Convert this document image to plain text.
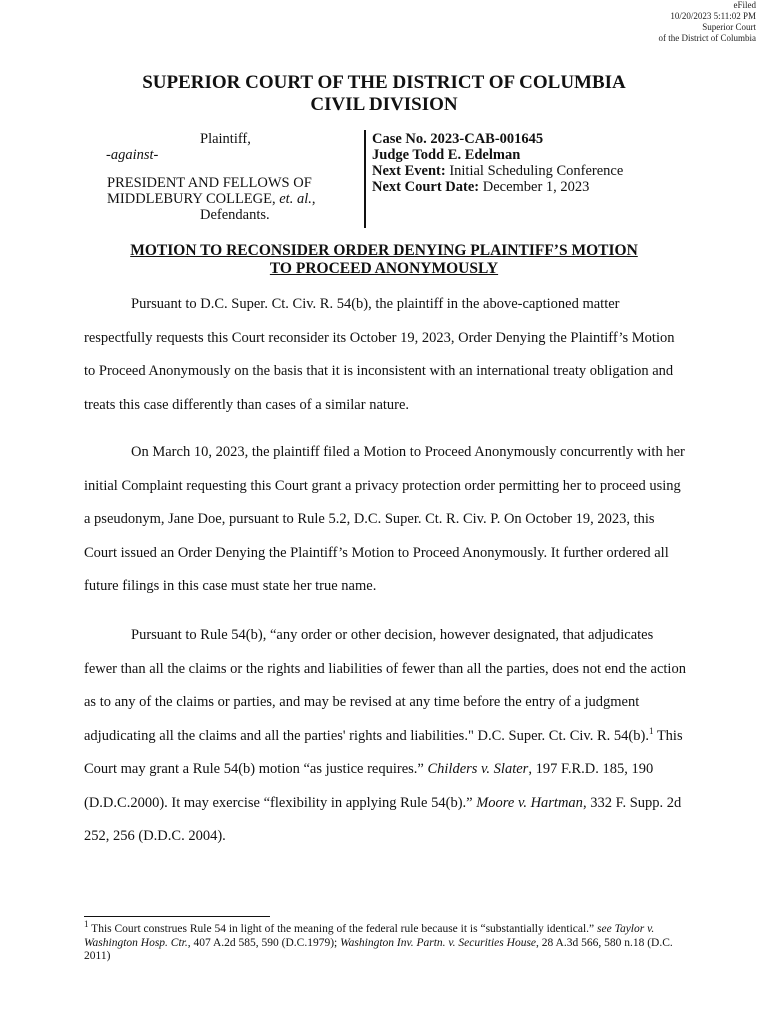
eFiled
10/20/2023 5:11:02 PM
Superior Court
of the District of Columbia
SUPERIOR COURT OF THE DISTRICT OF COLUMBIA
CIVIL DIVISION
Plaintiff,
-against-
PRESIDENT AND FELLOWS OF
MIDDLEBURY COLLEGE, et. al.,
Defendants.
Case No. 2023-CAB-001645
Judge Todd E. Edelman
Next Event: Initial Scheduling Conference
Next Court Date: December 1, 2023
MOTION TO RECONSIDER ORDER DENYING PLAINTIFF’S MOTION
TO PROCEED ANONYMOUSLY

Pursuant to D.C. Super. Ct. Civ. R. 54(b), the plaintiff in the above-captioned matter respectfully requests this Court reconsider its October 19, 2023, Order Denying the Plaintiff’s Motion to Proceed Anonymously on the basis that it is inconsistent with an international treaty obligation and treats this case differently than cases of a similar nature.

On March 10, 2023, the plaintiff filed a Motion to Proceed Anonymously concurrently with her initial Complaint requesting this Court grant a privacy protection order permitting her to proceed using a pseudonym, Jane Doe, pursuant to Rule 5.2, D.C. Super. Ct. R. Civ. P. On October 19, 2023, this Court issued an Order Denying the Plaintiff’s Motion to Proceed Anonymously. It further ordered all future filings in this case must state her true name.

Pursuant to Rule 54(b), “any order or other decision, however designated, that adjudicates fewer than all the claims or the rights and liabilities of fewer than all the parties, does not end the action as to any of the claims or parties, and may be revised at any time before the entry of a judgment adjudicating all the claims and all the parties' rights and liabilities." D.C. Super. Ct. Civ. R. 54(b).$^1$ This Court may grant a Rule 54(b) motion “as justice requires.” Childers v. Slater, 197 F.R.D. 185, 190 (D.D.C.2000). It may exercise “flexibility in applying Rule 54(b).” Moore v. Hartman, 332 F. Supp. 2d 252, 256 (D.D.C. 2004).

$^1$ This Court construes Rule 54 in light of the meaning of the federal rule because it is “substantially identical.” see Taylor v. Washington Hosp. Ctr., 407 A.2d 585, 590 (D.C.1979); Washington Inv. Partn. v. Securities House, 28 A.3d 566, 580 n.18 (D.C. 2011)
